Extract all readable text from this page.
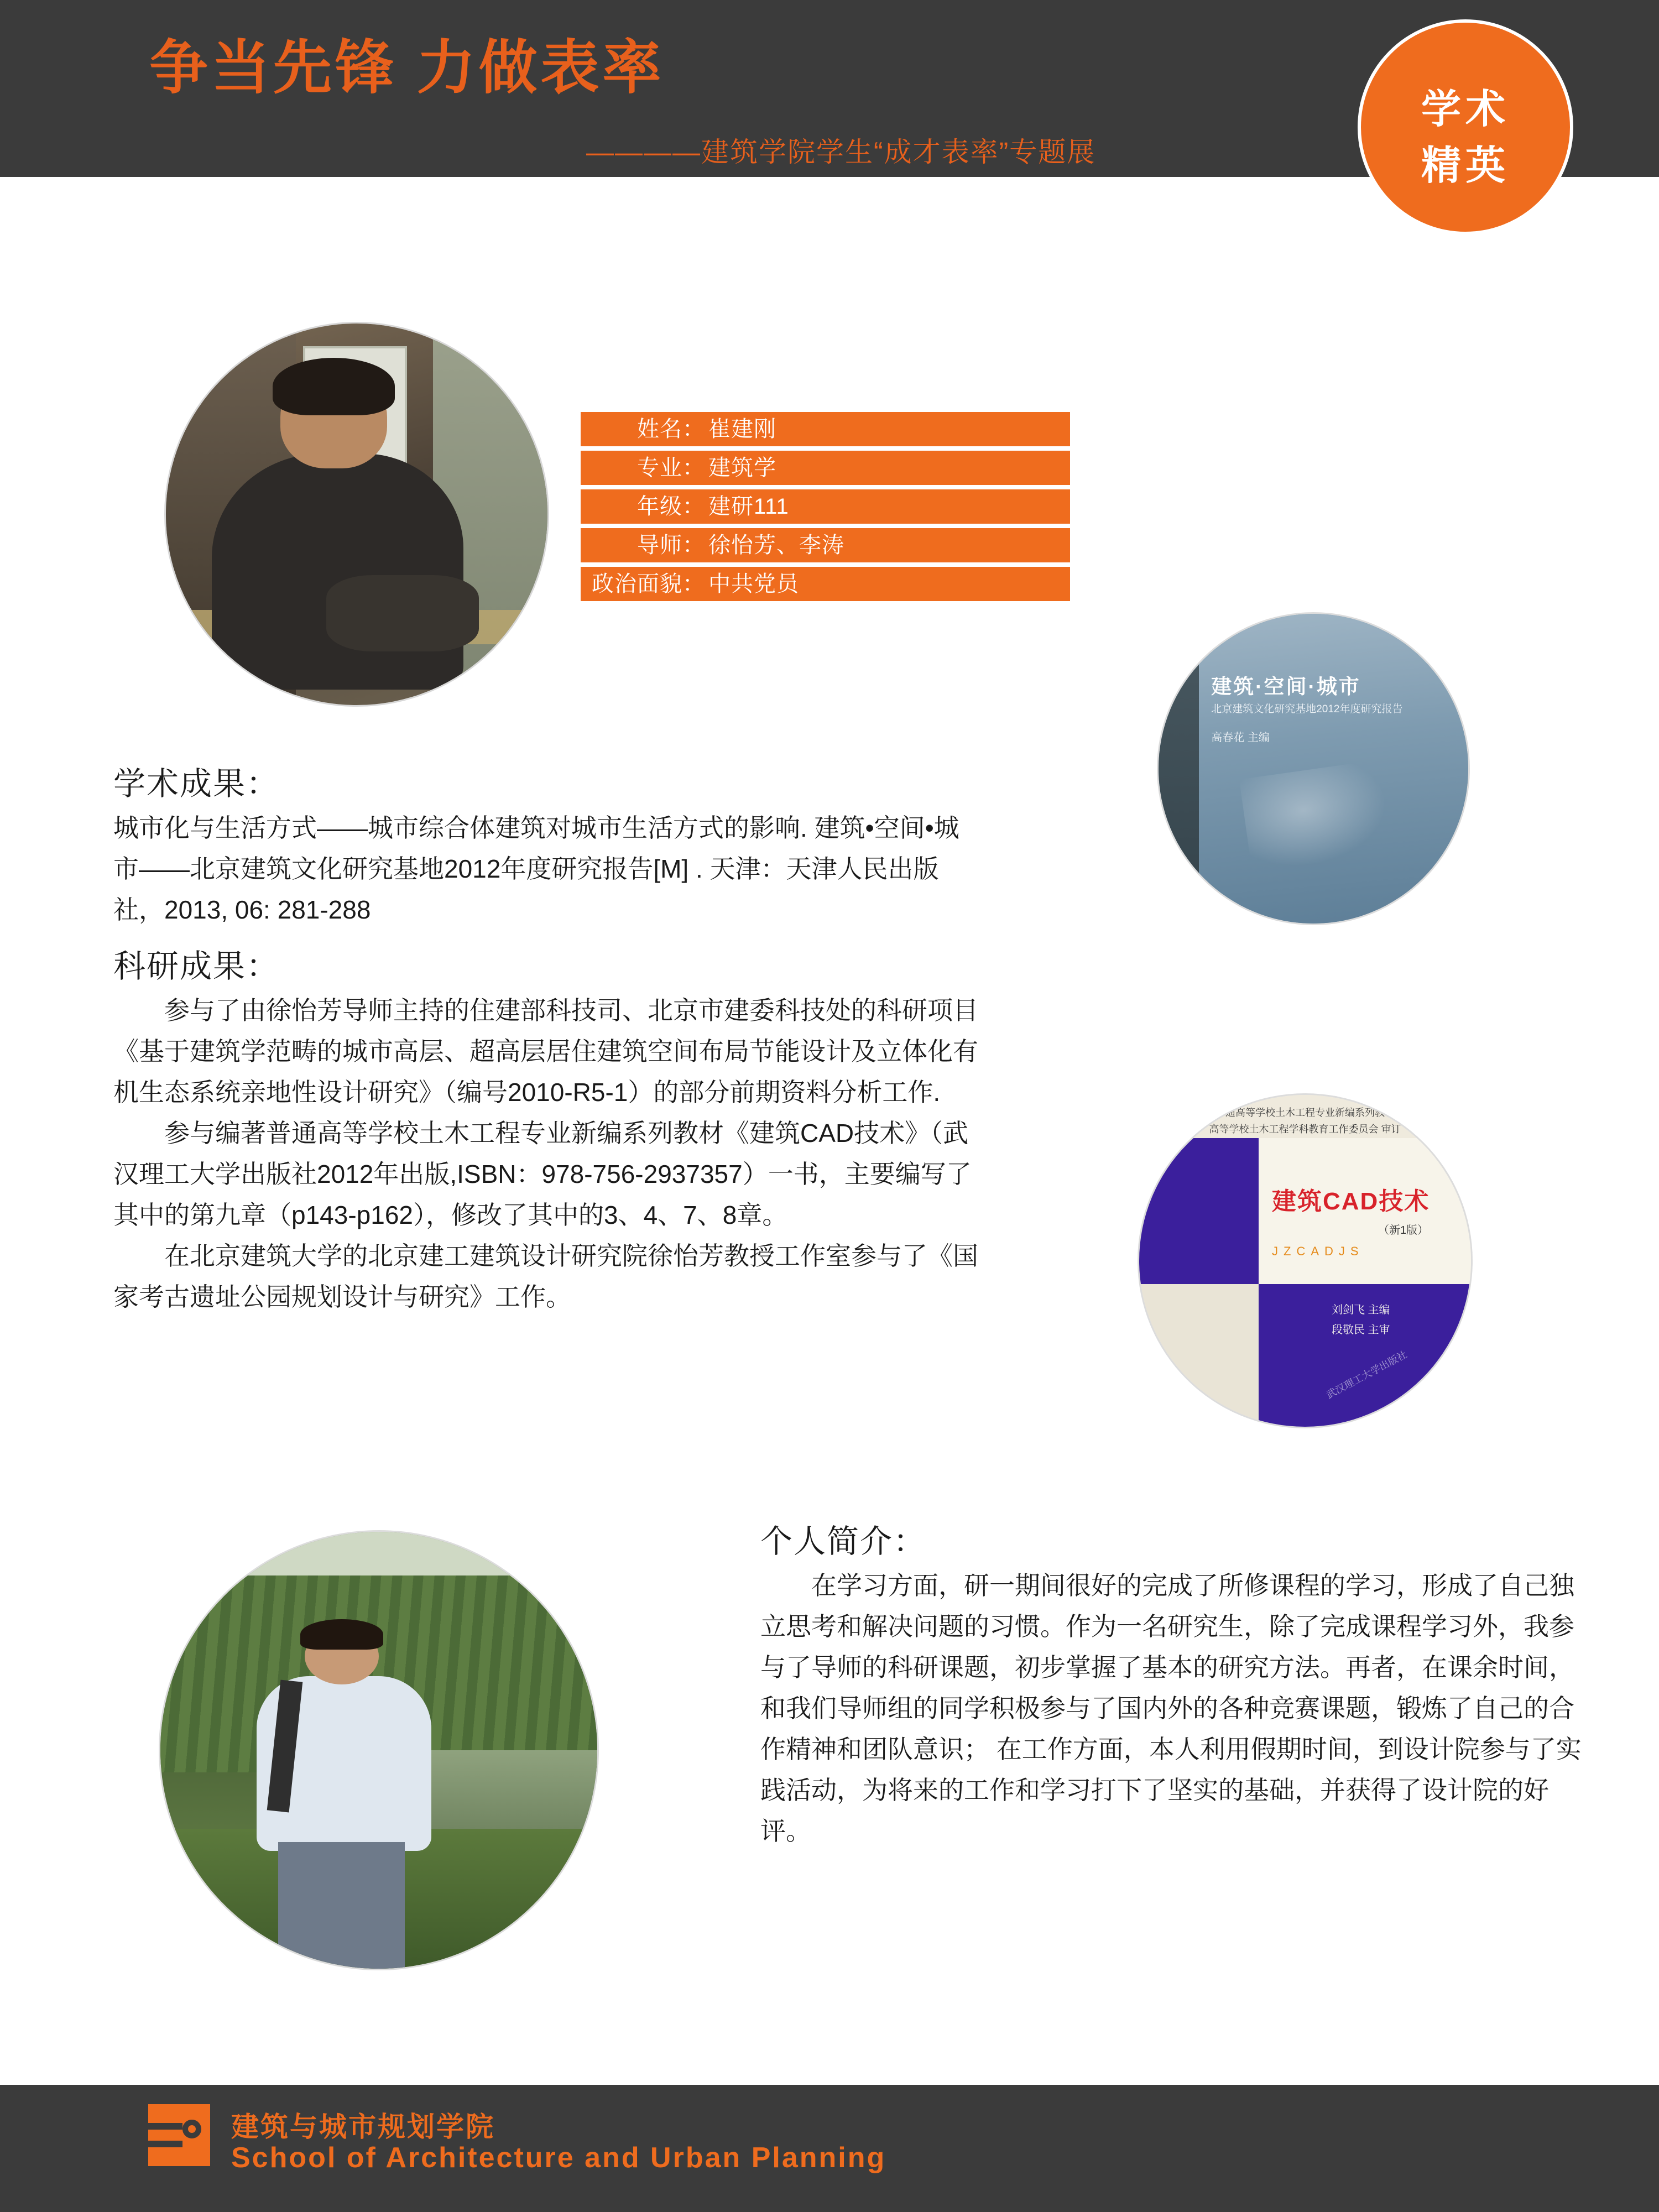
争当先锋 力做表率
————建筑学院学生“成才表率”专题展
学术
精英
姓名： 崔建刚
专业： 建筑学
年级： 建研111
导师： 徐怡芳、李涛
政治面貌： 中共党员
建筑·空间·城市
北京建筑文化研究基地2012年度研究报告
高春花 主编
学术成果：
城市化与生活方式——城市综合体建筑对城市生活方式的影响. 建筑•空间•城市——北京建筑文化研究基地2012年度研究报告[M] . 天津：天津人民出版社，2013, 06: 281-288
科研成果：

参与了由徐怡芳导师主持的住建部科技司、北京市建委科技处的科研项目《基于建筑学范畴的城市高层、超高层居住建筑空间布局节能设计及立体化有机生态系统亲地性设计研究》（编号2010-R5-1）的部分前期资料分析工作.

参与编著普通高等学校土木工程专业新编系列教材《建筑CAD技术》（武汉理工大学出版社2012年出版,ISBN：978-756-2937357）一书，主要编写了其中的第九章（p143-p162），修改了其中的3、4、7、8章。

在北京建筑大学的北京建工建筑设计研究院徐怡芳教授工作室参与了《国家考古遗址公园规划设计与研究》工作。

普通高等学校土木工程专业新编系列教材
高等学校土木工程学科教育工作委员会 审订
建筑CAD技术
（新1版）
JZCADJS
刘剑飞 主编
段敬民 主审
武汉理工大学出版社
个人简介：
在学习方面，研一期间很好的完成了所修课程的学习，形成了自己独立思考和解决问题的习惯。作为一名研究生，除了完成课程学习外，我参与了导师的科研课题，初步掌握了基本的研究方法。再者，在课余时间，和我们导师组的同学积极参与了国内外的各种竞赛课题，锻炼了自己的合作精神和团队意识； 在工作方面，本人利用假期时间，到设计院参与了实践活动，为将来的工作和学习打下了坚实的基础，并获得了设计院的好评。
建筑与城市规划学院
School of Architecture and Urban Planning
